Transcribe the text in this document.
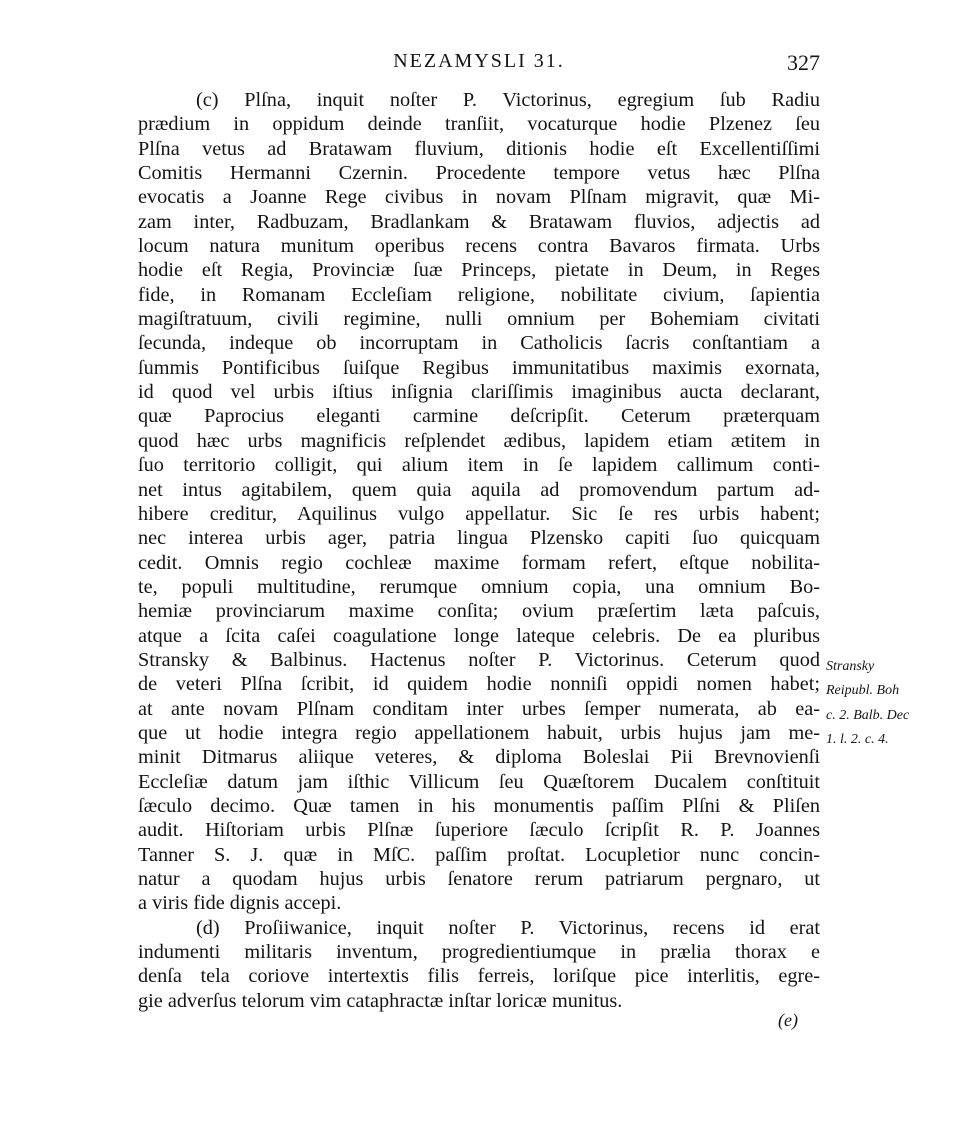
NEZAMYSLI 31.	327
(c) Plſna, inquit noſter P. Victorinus, egregium ſub Radiu
prædium in oppidum deinde tranſiit, vocaturque hodie Plzenez ſeu
Plſna vetus ad Bratawam fluvium, ditionis hodie eſt Excellentiſſimi
Comitis Hermanni Czernin. Procedente tempore vetus hæc Plſna
evocatis a Joanne Rege civibus in novam Plſnam migravit, quæ Mi-
zam inter, Radbuzam, Bradlankam & Bratawam fluvios, adjectis ad
locum natura munitum operibus recens contra Bavaros firmata. Urbs
hodie eſt Regia, Provinciæ ſuæ Princeps, pietate in Deum, in Reges
fide, in Romanam Eccleſiam religione, nobilitate civium, ſapientia
magiſtratuum, civili regimine, nulli omnium per Bohemiam civitati
ſecunda, indeque ob incorruptam in Catholicis ſacris conſtantiam a
ſummis Pontificibus ſuiſque Regibus immunitatibus maximis exornata,
id quod vel urbis iſtius inſignia clariſſimis imaginibus aucta declarant,
quæ Paprocius eleganti carmine deſcripſit. Ceterum præterquam
quod hæc urbs magnificis reſplendet ædibus, lapidem etiam ætitem in
ſuo territorio colligit, qui alium item in ſe lapidem callimum conti-
net intus agitabilem, quem quia aquila ad promovendum partum ad-
hibere creditur, Aquilinus vulgo appellatur. Sic ſe res urbis habent;
nec interea urbis ager, patria lingua Plzensko capiti ſuo quicquam
cedit. Omnis regio cochleæ maxime formam refert, eſtque nobilita-
te, populi multitudine, rerumque omnium copia, una omnium Bo-
hemiæ provinciarum maxime conſita; ovium præſertim læta paſcuis,
atque a ſcita caſei coagulatione longe lateque celebris. De ea pluribus
Stransky & Balbinus. Hactenus noſter P. Victorinus. Ceterum quod
de veteri Plſna ſcribit, id quidem hodie nonniſi oppidi nomen habet;
at ante novam Plſnam conditam inter urbes ſemper numerata, ab ea-
que ut hodie integra regio appellationem habuit, urbis hujus jam me-
minit Ditmarus aliique veteres, & diploma Boleslai Pii Brevnovienſi
Eccleſiæ datum jam iſthic Villicum ſeu Quæſtorem Ducalem conſtituit
ſæculo decimo. Quæ tamen in his monumentis paſſim Plſni & Pliſen
audit. Hiſtoriam urbis Plſnæ ſuperiore ſæculo ſcripſit R. P. Joannes
Tanner S. J. quæ in MſC. paſſim proſtat. Locupletior nunc concin-
natur a quodam hujus urbis ſenatore rerum patriarum pergnaro, ut
a viris fide dignis accepi.
(d) Proſiiwanice, inquit noſter P. Victorinus, recens id erat
indumenti militaris inventum, progredientiumque in prælia thorax e
denſa tela coriove intertextis filis ferreis, loriſque pice interlitis, egre-
gie adverſus telorum vim cataphractæ inſtar loricæ munitus.
Stransky
Reipubl. Boh
c. 2. Balb. Dec
1. l. 2. c. 4.
(e)
